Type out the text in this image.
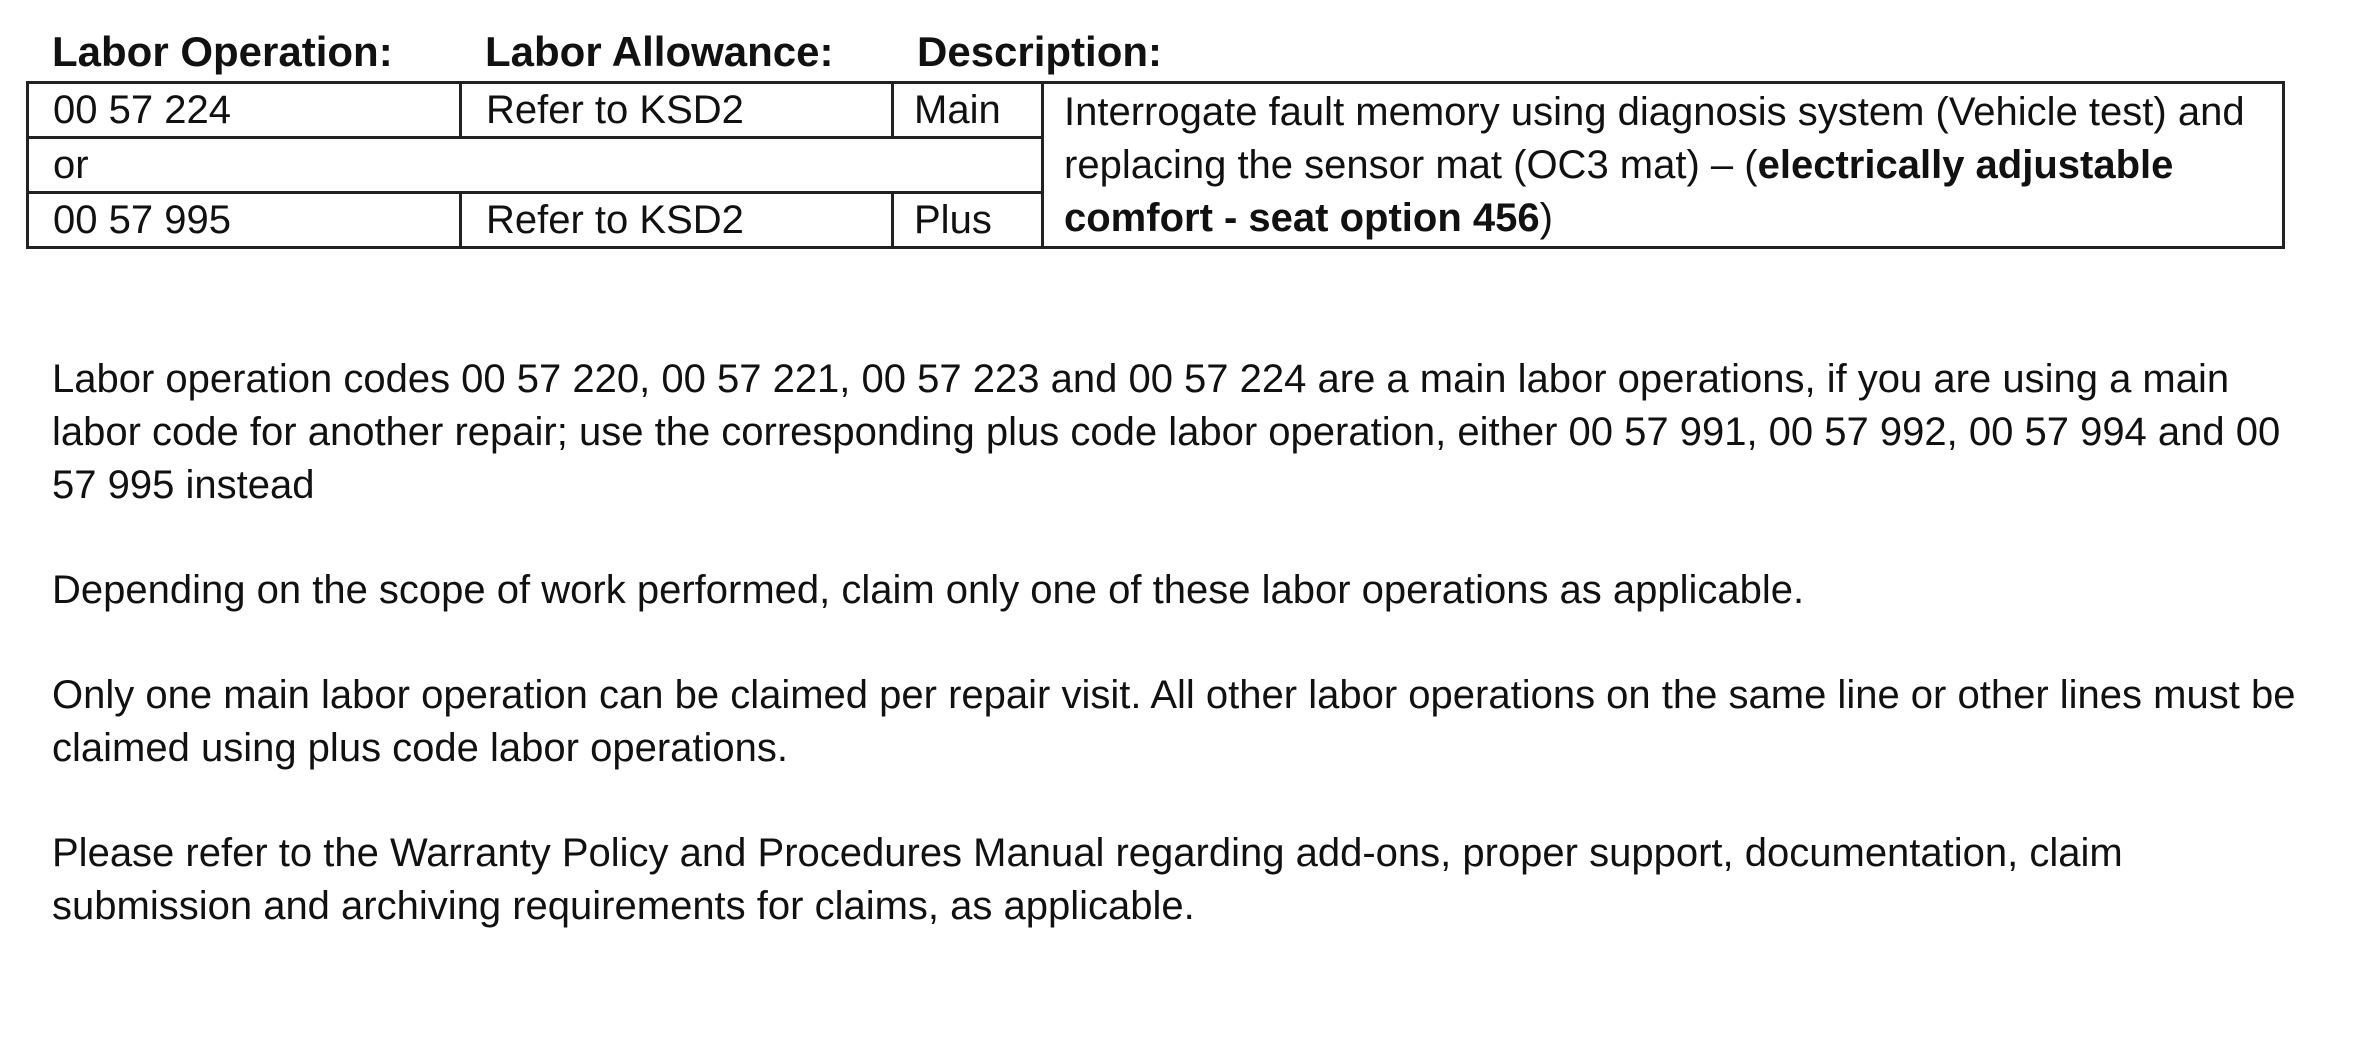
Labor Operation: Labor Allowance: Description:
00 57 224	Refer to KSD2	Main	Interrogate fault memory using diagnosis system (Vehicle test) and replacing the sensor mat (OC3 mat) – (electrically adjustable comfort - seat option 456)
or			
00 57 995	Refer to KSD2	Plus	

Labor operation codes 00 57 220, 00 57 221, 00 57 223 and 00 57 224 are a main labor operations, if you are using a main labor code for another repair; use the corresponding plus code labor operation, either 00 57 991, 00 57 992, 00 57 994 and 00 57 995 instead

Depending on the scope of work performed, claim only one of these labor operations as applicable.

Only one main labor operation can be claimed per repair visit. All other labor operations on the same line or other lines must be claimed using plus code labor operations.

Please refer to the Warranty Policy and Procedures Manual regarding add-ons, proper support, documentation, claim submission and archiving requirements for claims, as applicable.
